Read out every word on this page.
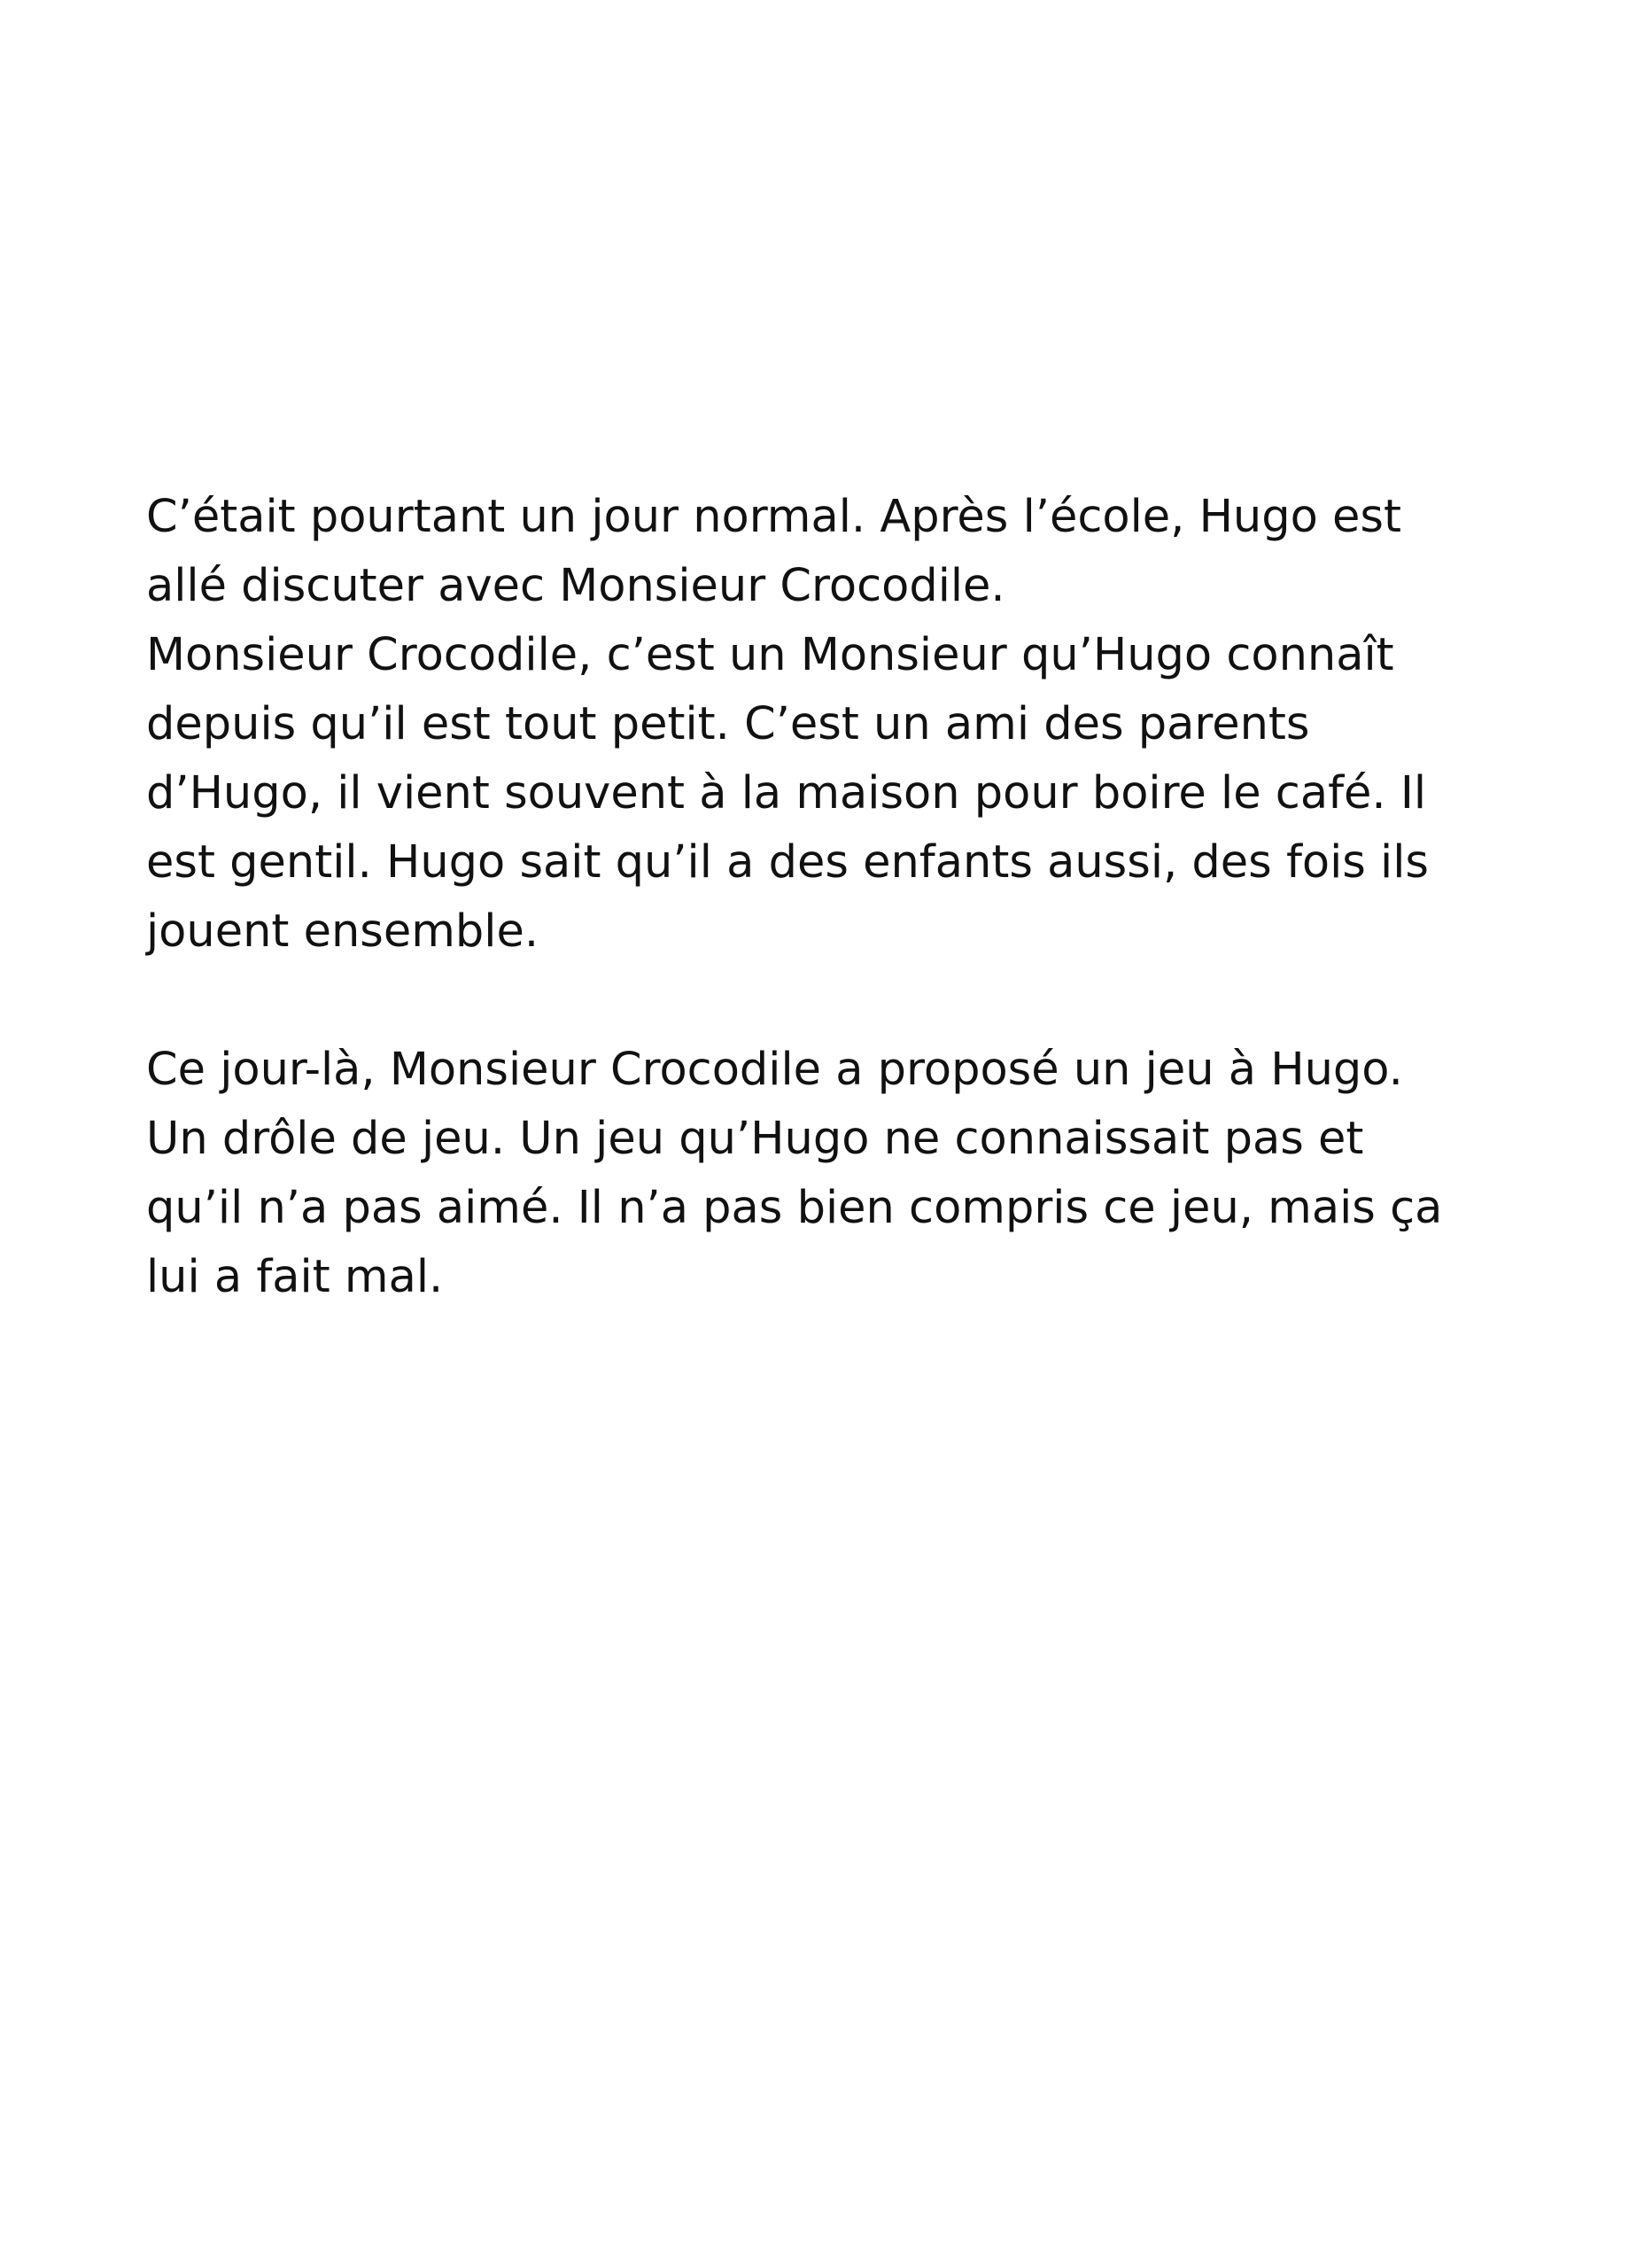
C’était pourtant un jour normal. Après l’école, Hugo est
allé discuter avec Monsieur Crocodile.
Monsieur Crocodile, c’est un Monsieur qu’Hugo connaît
depuis qu’il est tout petit. C’est un ami des parents
d’Hugo, il vient souvent à la maison pour boire le café. Il
est gentil. Hugo sait qu’il a des enfants aussi, des fois ils
jouent ensemble.
Ce jour-là, Monsieur Crocodile a proposé un jeu à Hugo.
Un drôle de jeu. Un jeu qu’Hugo ne connaissait pas et
qu’il n’a pas aimé. Il n’a pas bien compris ce jeu, mais ça
lui a fait mal.
